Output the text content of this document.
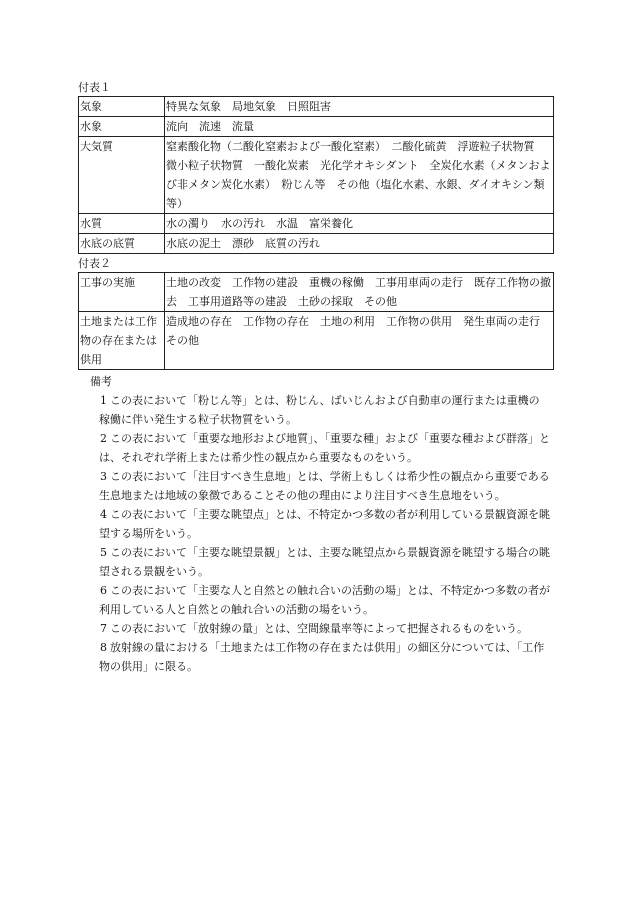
付表１
気象	特異な気象　局地気象　日照阻害
水象	流向　流速　流量
大気質	窒素酸化物（二酸化窒素および一酸化窒素）　二酸化硫黄　浮遊粒子状物質　微小粒子状物質　一酸化炭素　光化学オキシダント　全炭化水素（メタンおよび非メタン炭化水素）　粉じん等　その他（塩化水素、水銀、ダイオキシン類等）
水質	水の濁り　水の汚れ　水温　富栄養化
水底の底質	水底の泥土　漂砂　底質の汚れ
付表２
工事の実施	土地の改変　工作物の建設　重機の稼働　工事用車両の走行　既存工作物の撤去　工事用道路等の建設　土砂の採取　その他
土地または工作物の存在または供用	造成地の存在　工作物の存在　土地の利用　工作物の供用　発生車両の走行　その他
備考
1 この表において「粉じん等」とは、粉じん、ばいじんおよび自動車の運行または重機の稼働に伴い発生する粒子状物質をいう。
2 この表において「重要な地形および地質」、「重要な種」および「重要な種および群落」とは、それぞれ学術上または希少性の観点から重要なものをいう。
3 この表において「注目すべき生息地」とは、学術上もしくは希少性の観点から重要である生息地または地域の象徴であることその他の理由により注目すべき生息地をいう。
4 この表において「主要な眺望点」とは、不特定かつ多数の者が利用している景観資源を眺望する場所をいう。
5 この表において「主要な眺望景観」とは、主要な眺望点から景観資源を眺望する場合の眺望される景観をいう。
6 この表において「主要な人と自然との触れ合いの活動の場」とは、不特定かつ多数の者が利用している人と自然との触れ合いの活動の場をいう。
7 この表において「放射線の量」とは、空間線量率等によって把握されるものをいう。
8 放射線の量における「土地または工作物の存在または供用」の細区分については、「工作物の供用」に限る。
